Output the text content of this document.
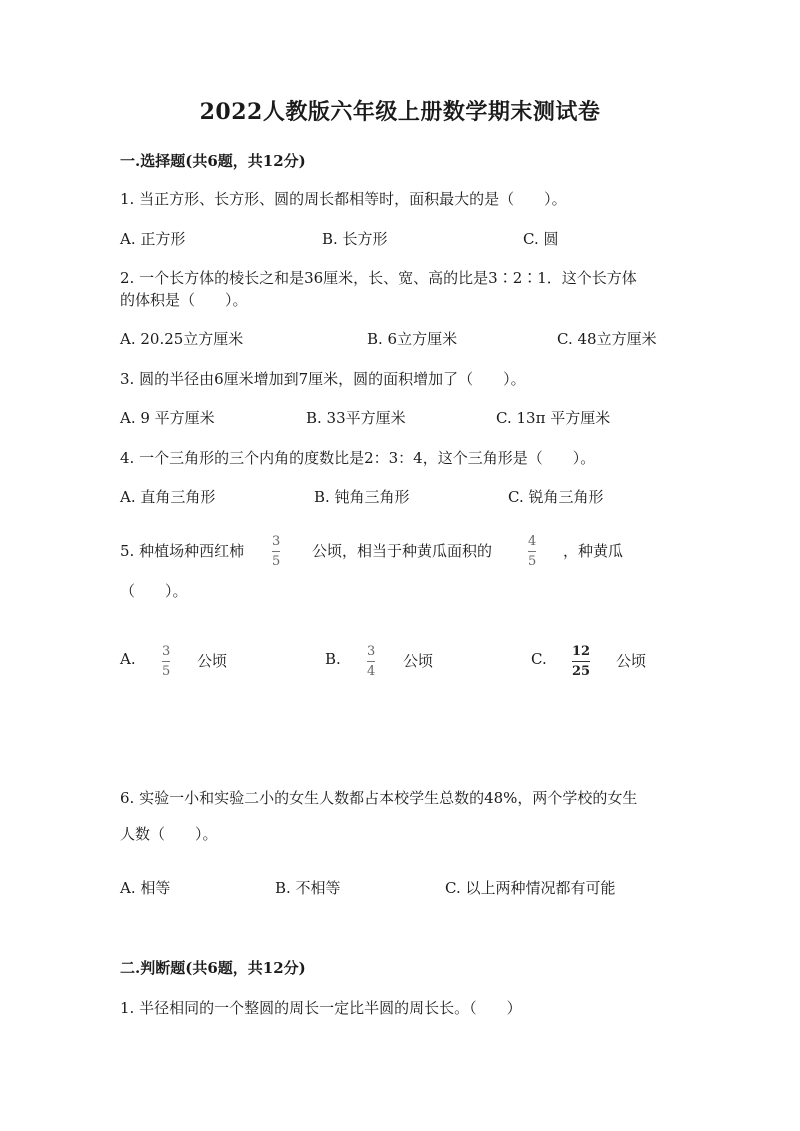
2022人教版六年级上册数学期末测试卷
一.选择题(共6题，共12分)
1. 当正方形、长方形、圆的周长都相等时，面积最大的是（　　）。
A. 正方形	B. 长方形	C. 圆
2. 一个长方体的棱长之和是36厘米，长、宽、高的比是3∶2∶1．这个长方体
的体积是（　　）。
A. 20.25立方厘米	B. 6立方厘米	C. 48立方厘米
3. 圆的半径由6厘米增加到7厘米，圆的面积增加了（　　）。
A. 9 平方厘米	B. 33平方厘米	C. 13π 平方厘米
4. 一个三角形的三个内角的度数比是2：3：4，这个三角形是（　　）。
A. 直角三角形	B. 钝角三角形	C. 锐角三角形
5. 种植场种西红柿
3
5
公顷，相当于种黄瓜面积的
4
5
，种黄瓜
（　　）。
A. 3
5
公顷	B. 3
4
公顷	C. 12
25
公顷
6. 实验一小和实验二小的女生人数都占本校学生总数的48%，两个学校的女生
人数（　　）。
A. 相等	B. 不相等	C. 以上两种情况都有可能
二.判断题(共6题，共12分)
1. 半径相同的一个整圆的周长一定比半圆的周长长。（　　）
